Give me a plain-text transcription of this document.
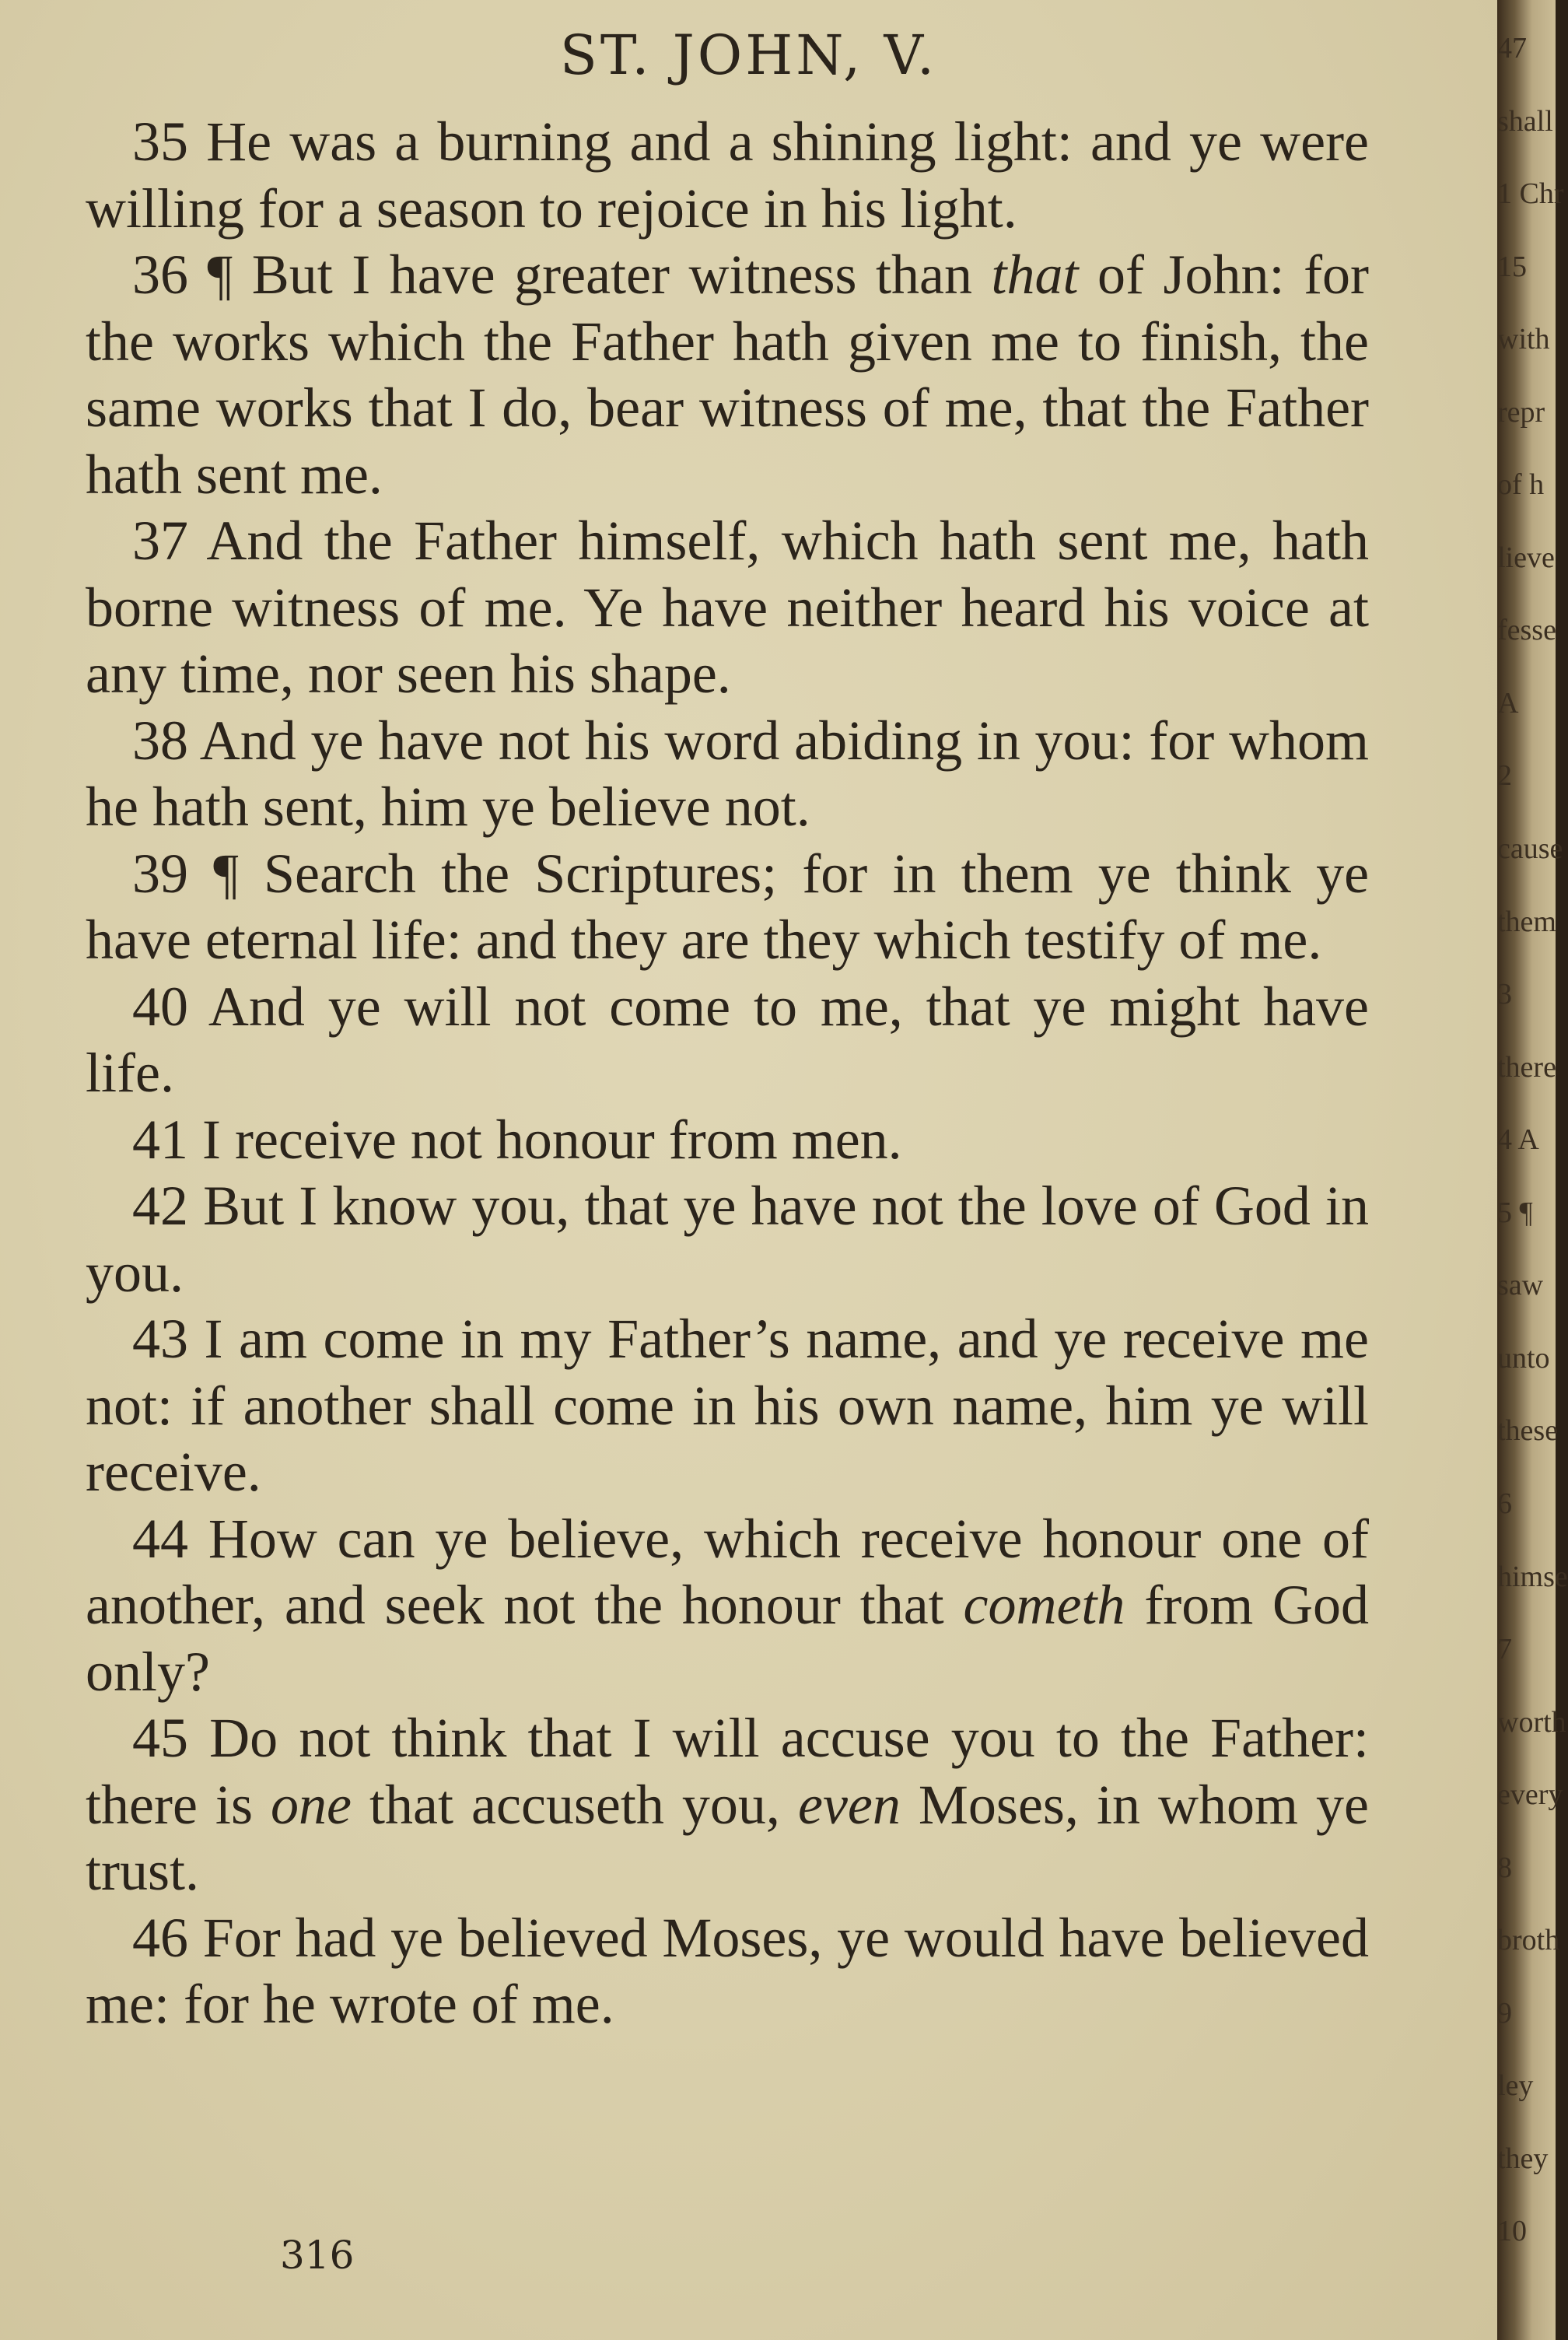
ST. JOHN, V.

35 He was a burning and a shining light: and ye were willing for a season to rejoice in his light.

36 ¶ But I have greater witness than that of John: for the works which the Father hath given me to finish, the same works that I do, bear witness of me, that the Father hath sent me.

37 And the Father himself, which hath sent me, hath borne witness of me. Ye have neither heard his voice at any time, nor seen his shape.

38 And ye have not his word abiding in you: for whom he hath sent, him ye believe not.

39 ¶ Search the Scriptures; for in them ye think ye have eternal life: and they are they which testify of me.

40 And ye will not come to me, that ye might have life.

41 I receive not honour from men.

42 But I know you, that ye have not the love of God in you.

43 I am come in my Father’s name, and ye receive me not: if another shall come in his own name, him ye will receive.

44 How can ye believe, which receive honour one of another, and seek not the honour that cometh from God only?

45 Do not think that I will accuse you to the Father: there is one that accuseth you, even Moses, in whom ye trust.

46 For had ye believed Moses, ye would have believed me: for he wrote of me.

316
47
shall
1 Chr
15
with
repr
of h
lieve
fesse
A
2
cause
them
3
there
4 A
5 ¶
saw
unto
these
6
himse
7
worth
every
8
broth
9
ley
they
10
